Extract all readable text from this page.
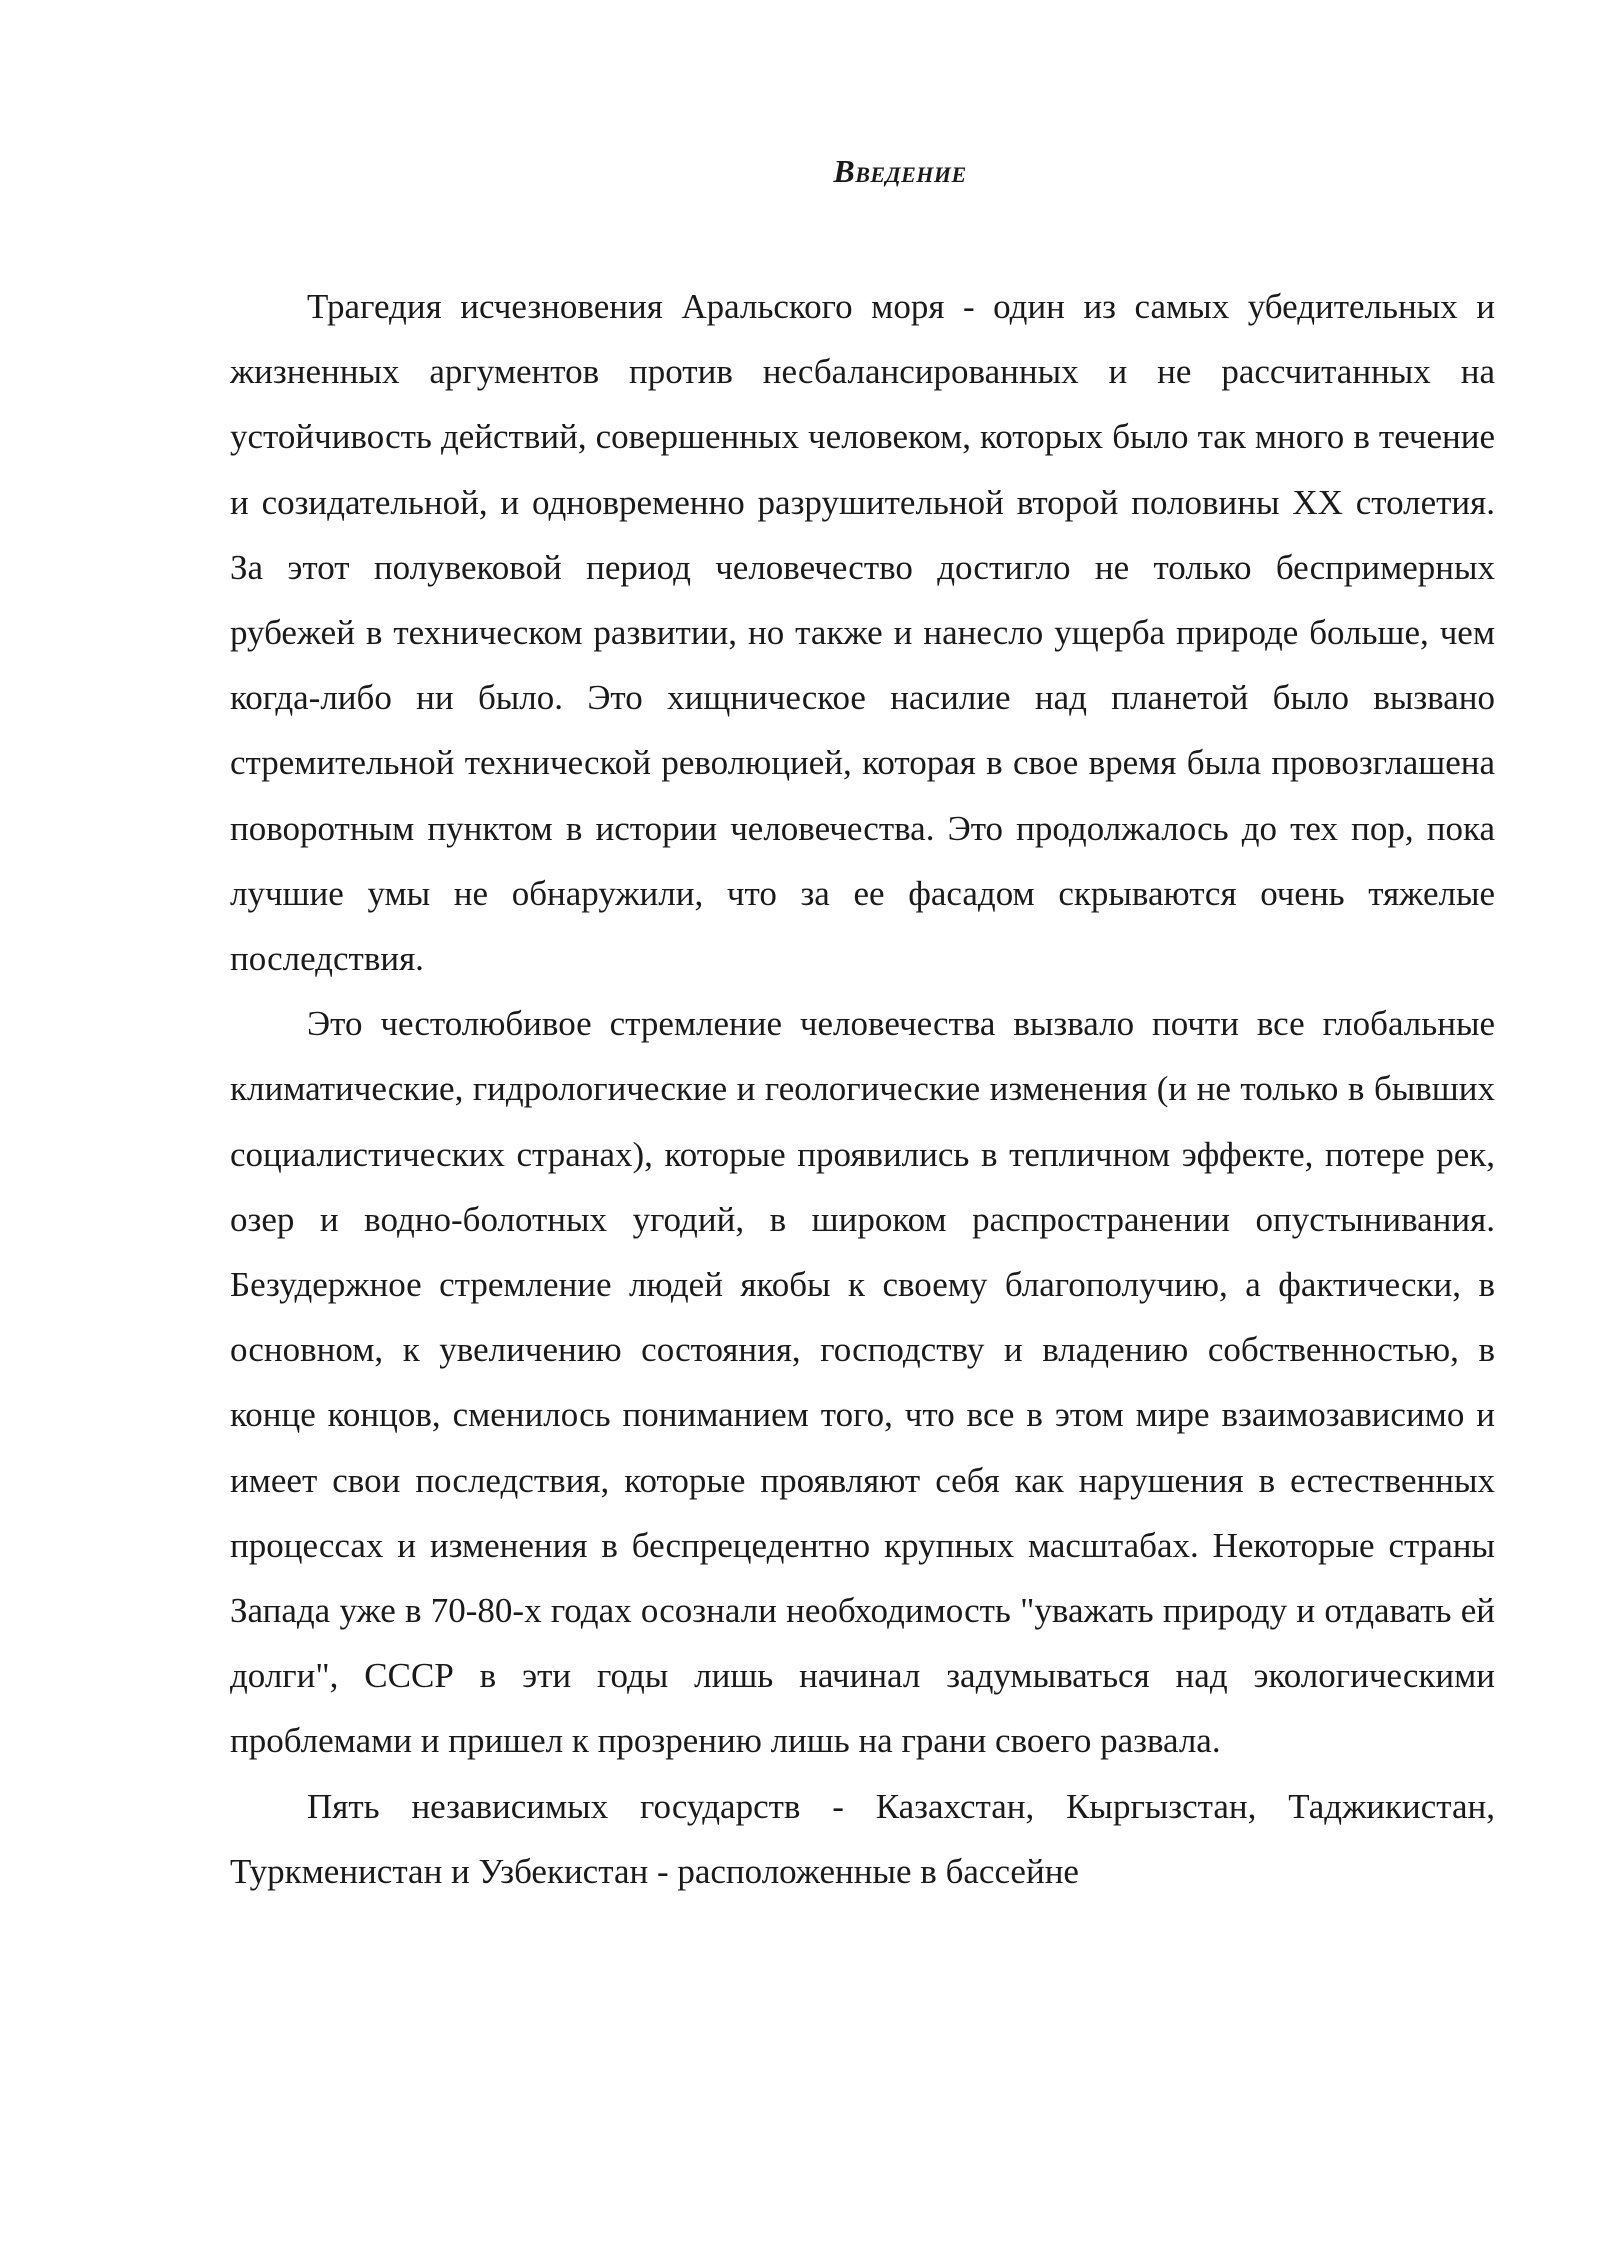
Введение

Трагедия исчезновения Аральского моря - один из самых убедительных и жизненных аргументов против несбалансированных и не рассчитанных на устойчивость действий, совершенных человеком, которых было так много в течение и созидательной, и одновременно разрушительной второй половины XX столетия. За этот полувековой период человечество достигло не только беспримерных рубежей в техническом развитии, но также и нанесло ущерба природе больше, чем когда-либо ни было. Это хищническое насилие над планетой было вызвано стремительной технической революцией, которая в свое время была провозглашена поворотным пунктом в истории человечества. Это продолжалось до тех пор, пока лучшие умы не обнаружили, что за ее фасадом скрываются очень тяжелые последствия.

Это честолюбивое стремление человечества вызвало почти все глобальные климатические, гидрологические и геологические изменения (и не только в бывших социалистических странах), которые проявились в тепличном эффекте, потере рек, озер и водно-болотных угодий, в широком распространении опустынивания. Безудержное стремление людей якобы к своему благополучию, а фактически, в основном, к увеличению состояния, господству и владению собственностью, в конце концов, сменилось пониманием того, что все в этом мире взаимозависимо и имеет свои последствия, которые проявляют себя как нарушения в естественных процессах и изменения в беспрецедентно крупных масштабах. Некоторые страны Запада уже в 70-80-х годах осознали необходимость "уважать природу и отдавать ей долги", СССР в эти годы лишь начинал задумываться над экологическими проблемами и пришел к прозрению лишь на грани своего развала.

Пять независимых государств - Казахстан, Кыргызстан, Таджикистан, Туркменистан и Узбекистан - расположенные в бассейне
